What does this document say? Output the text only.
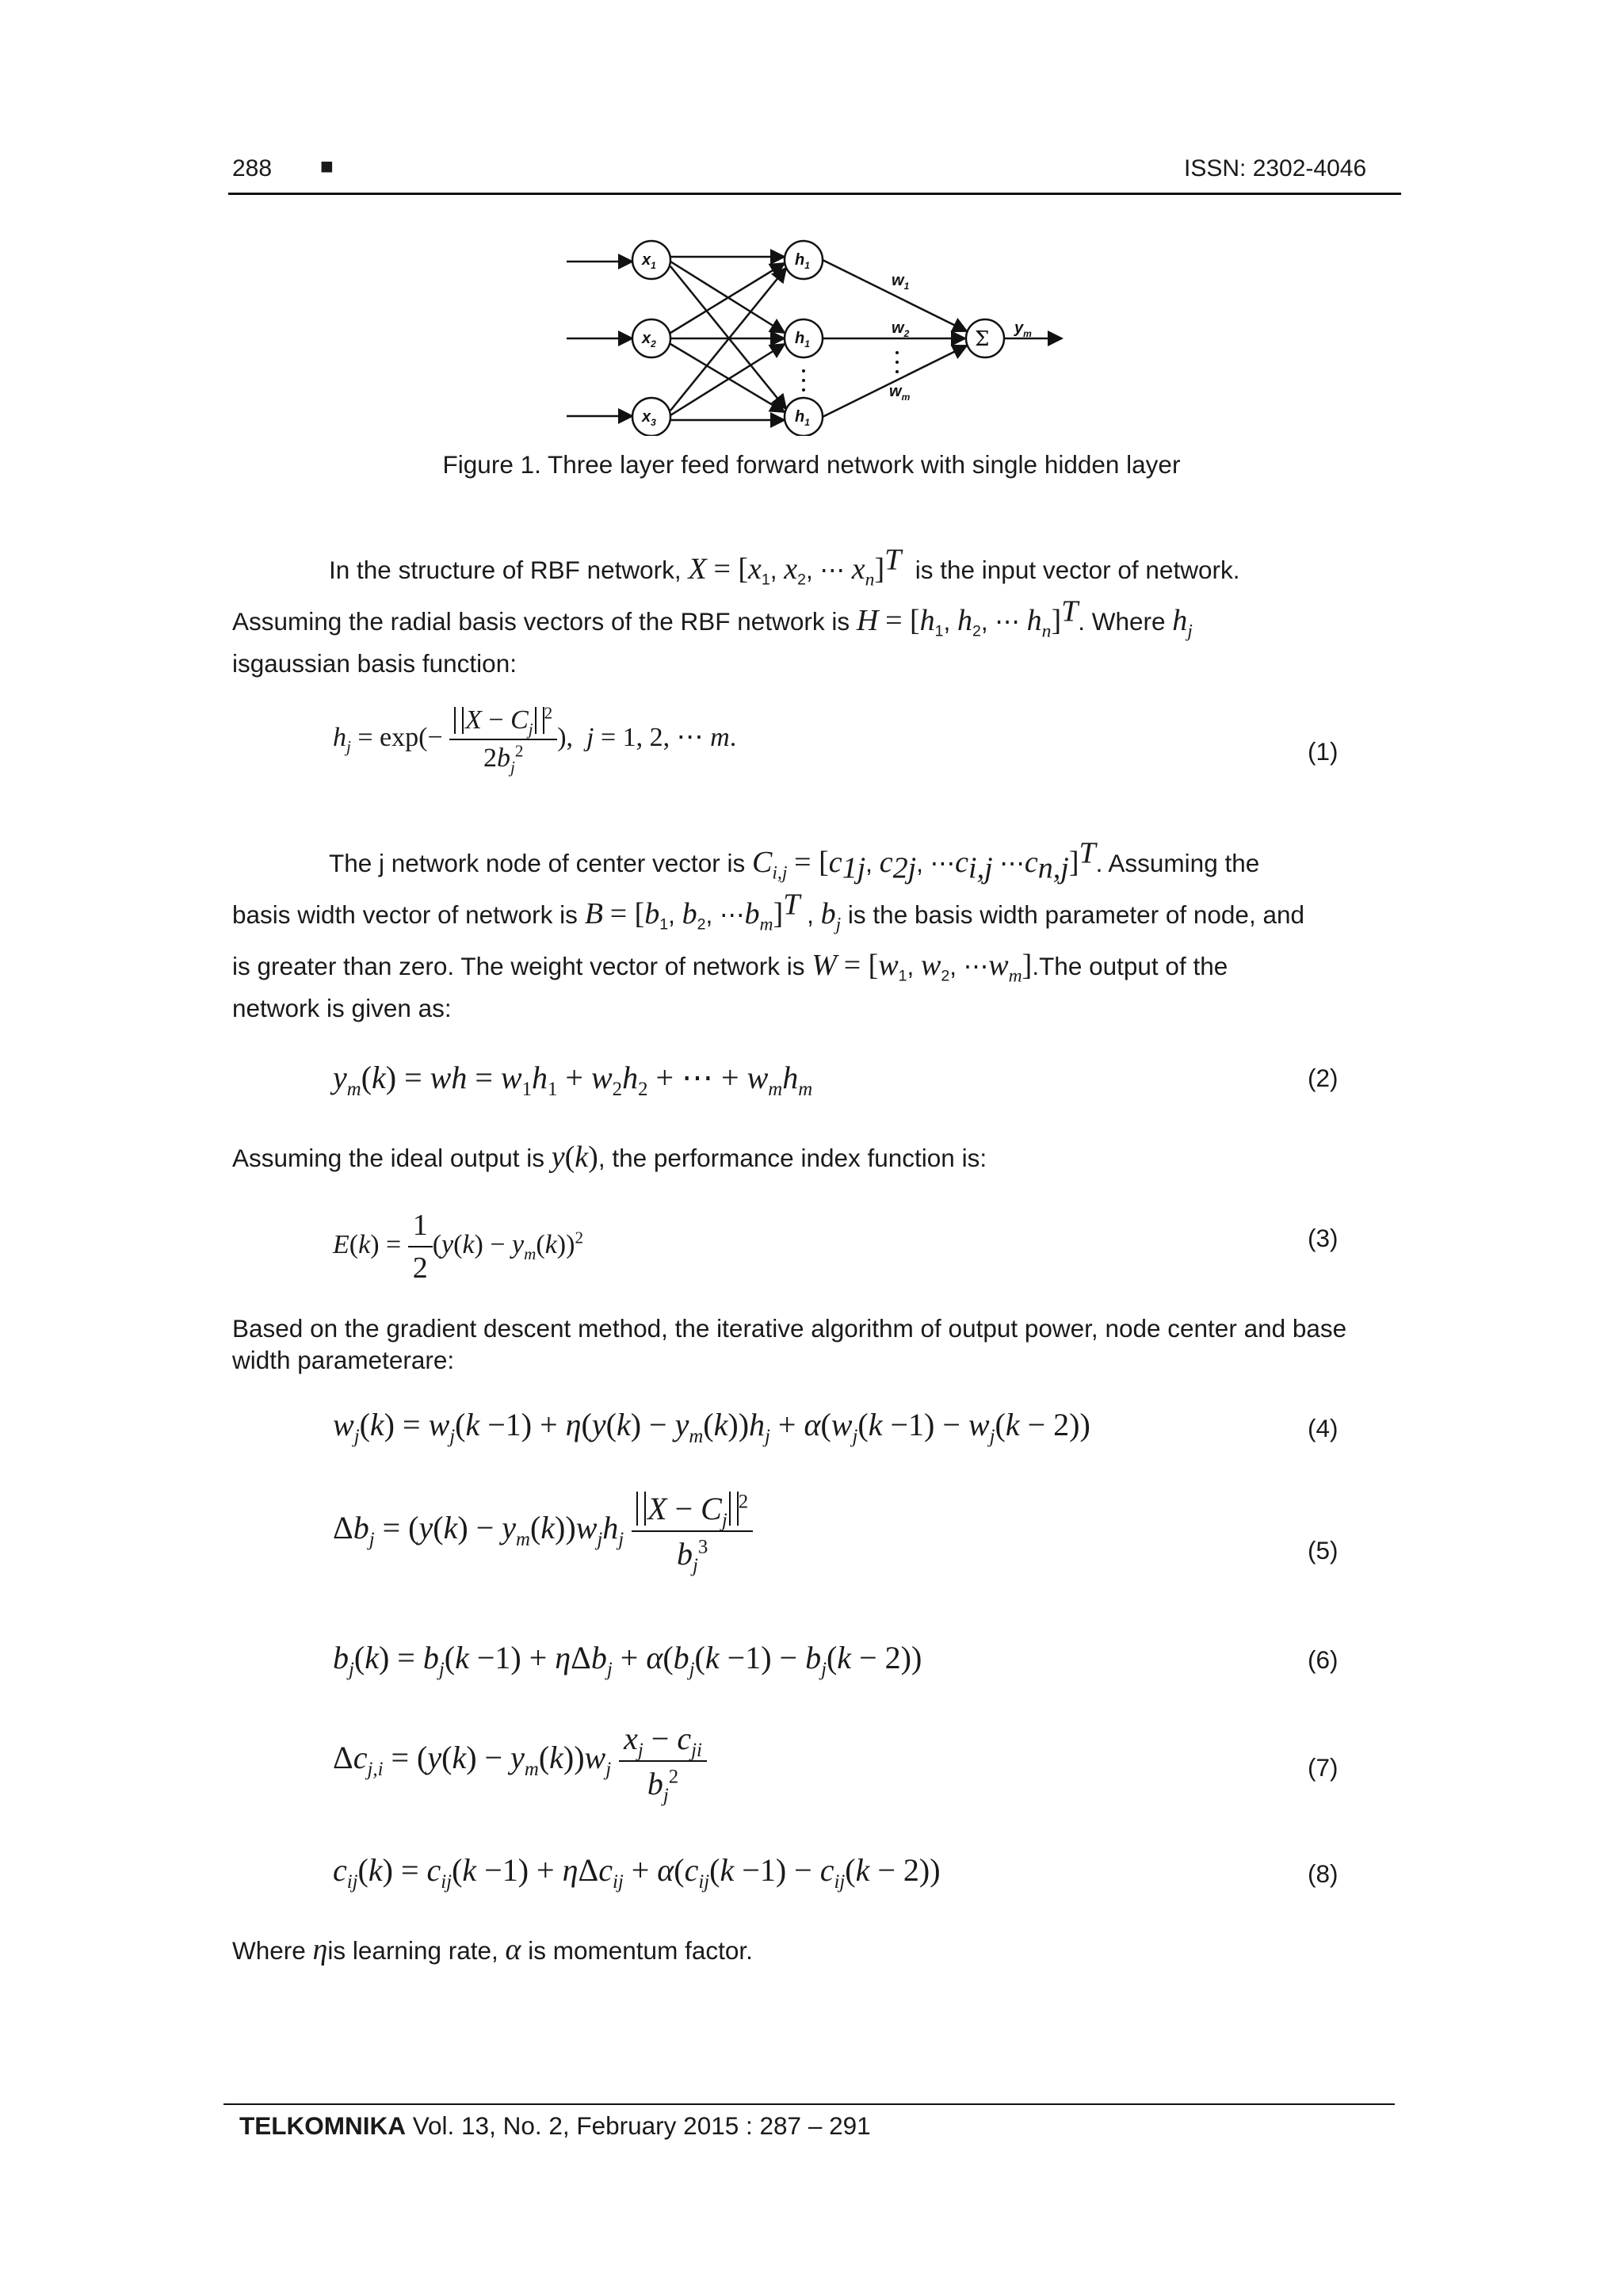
288 ■	ISSN: 2302-4046
$x_1$
$x_2$
$x_3$
$h_1$
$h_1$
$h_1$
$w_1$
$w_2$
$w_m$
$y_m$
Σ
Figure 1. Three layer feed forward network with single hidden layer
In the structure of RBF network, $X = [x_1$, $x_2$, ⋯ $x_n]^T$ is the input vector of network.
Assuming the radial basis vectors of the RBF network is $H = [h_1$, $h_2$, ⋯ $h_n]^T$. Where $h_j$
isgaussian basis function:
$h_j = \exp(- \frac{X - C_j^2}{2b_j^2}$ ),  j = 1, 2, ⋯ m.	(1)
The j network node of center vector is $C_{i,j} = [c_{1j}$, $c_{2j}$, $\cdots c_{i,j}$ $\cdots c_{n,j}]^T$. Assuming the
basis width vector of network is $B = [b_1$, $b_2$, $\cdots b_m]^T$ , $b_j$ is the basis width parameter of node, and
is greater than zero. The weight vector of network is $W = [w_1$, $w_2$, $\cdots w_m].The$ output of the
network is given as:
$y_m(k)$ = wh = $w_1h_1 + w_2h_2$ + ⋯ + $w_mh_m$	(2)
Assuming the ideal output is y(k), the performance index function is:
$E(k) = \frac{1}{2} (y(k) - y_m(k))^2$	(3)
Based on the gradient descent method, the iterative algorithm of output power, node center and base width parameterare:
$w_j(k) = w_j(k -1) + \eta(y(k) - y_m(k))h_j + \alpha(w_j(k -1) - w_j(k - 2))$	(4)
$\Delta b_j = (y(k) - y_m(k))w_jh_j \frac{X - C_j^2}{b_j^3}$	(5)
$b_j(k) = b_j(k -1) + \eta\Delta b_j + \alpha(b_j(k -1) - b_j(k - 2))$	(6)
$\Delta c_{j,i} = (y(k) - y_m(k))w_j \frac{x_j - c_{ji}}{b_j^2}$	(7)
$c_{ij}(k) = c_{ij}(k -1) + \eta\Delta c_{ij} + \alpha(c_{ij}(k -1) - c_{ij}(k - 2))$	(8)
Where ηis learning rate, α is momentum factor.
TELKOMNIKA Vol. 13, No. 2, February 2015 : 287 – 291
